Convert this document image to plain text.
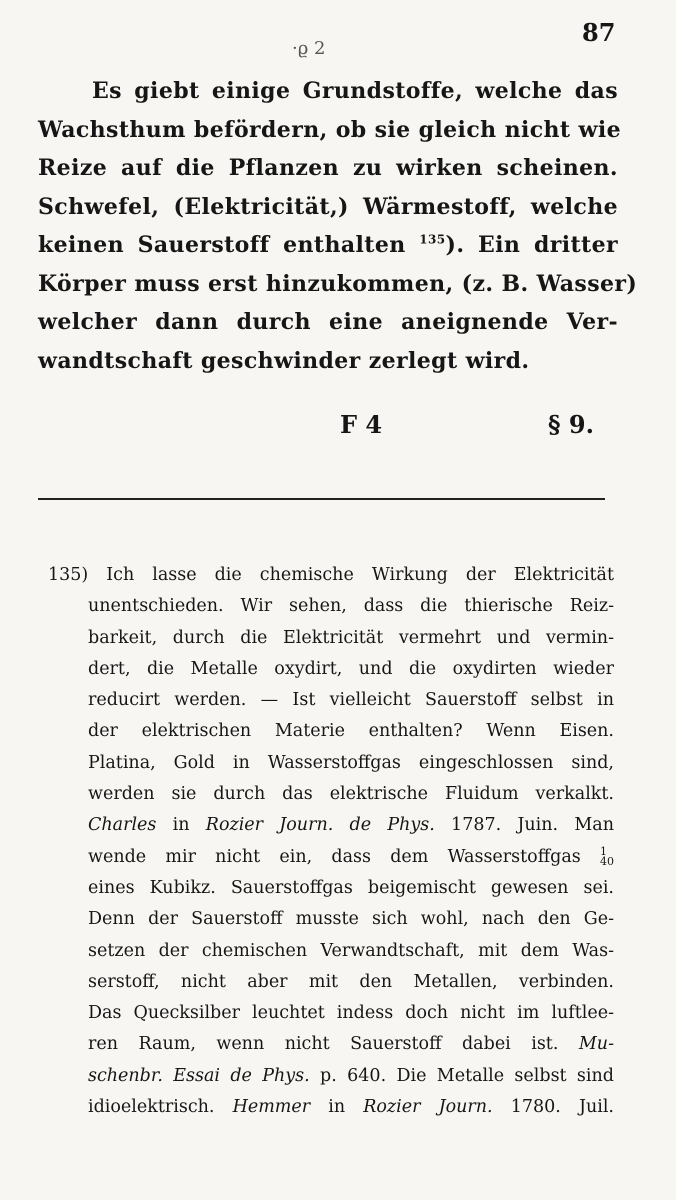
87
·ϱ 2
Es giebt einige Grundstoffe, welche das
Wachsthum befördern, ob sie gleich nicht wie
Reize auf die Pflanzen zu wirken scheinen.
Schwefel, (Elektricität,) Wärmestoff, welche
keinen Sauerstoff enthalten $^{135}$). Ein dritter
Körper muss erst hinzukommen, (z. B. Wasser)
welcher dann durch eine aneignende Ver-
wandtschaft geschwinder zerlegt wird.
F 4	§ 9.
135) Ich lasse die chemische Wirkung der Elektricität
unentschieden. Wir sehen, dass die thierische Reiz-
barkeit, durch die Elektricität vermehrt und vermin-
dert, die Metalle oxydirt, und die oxydirten wieder
reducirt werden. — Ist vielleicht Sauerstoff selbst in
der elektrischen Materie enthalten? Wenn Eisen.
Platina, Gold in Wasserstoffgas eingeschlossen sind,
werden sie durch das elektrische Fluidum verkalkt.
Charles in Rozier Journ. de Phys. 1787. Juin. Man
wende mir nicht ein, dass dem Wasserstoffgas 1
40
eines Kubikz. Sauerstoffgas beigemischt gewesen sei.
Denn der Sauerstoff musste sich wohl, nach den Ge-
setzen der chemischen Verwandtschaft, mit dem Was-
serstoff, nicht aber mit den Metallen, verbinden.
Das Quecksilber leuchtet indess doch nicht im luftlee-
ren Raum, wenn nicht Sauerstoff dabei ist. Mu-
schenbr. Essai de Phys. p. 640. Die Metalle selbst sind
idioelektrisch. Hemmer in Rozier Journ. 1780. Juil.
